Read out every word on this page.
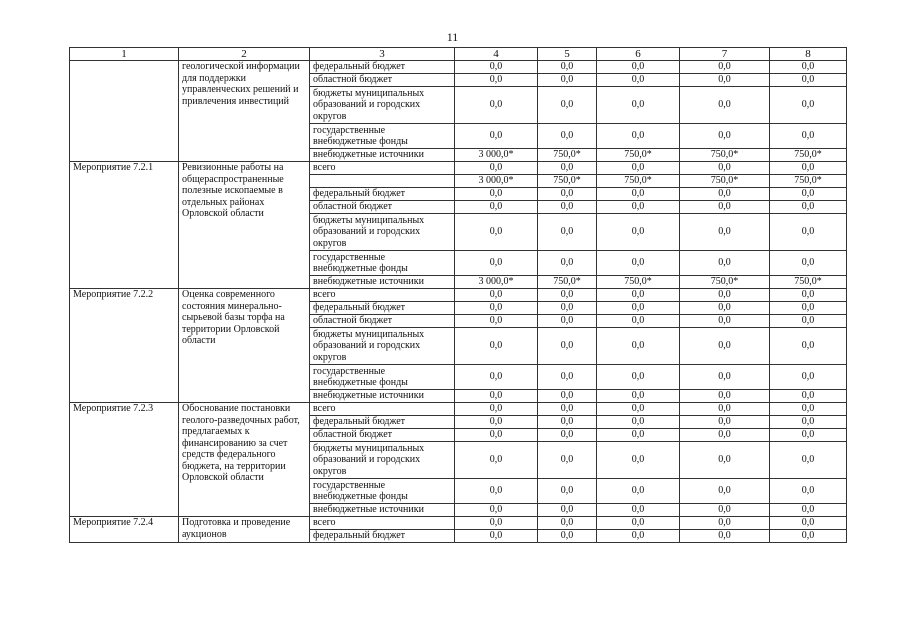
11
1	2	3	4	5	6	7	8
	геологической информации для поддержки управленческих решений и привлечения инвестиций	федеральный бюджет	0,0	0,0	0,0	0,0	0,0
		областной бюджет	0,0	0,0	0,0	0,0	0,0
		бюджеты муниципальных образований и городских округов	0,0	0,0	0,0	0,0	0,0
		государственные внебюджетные фонды	0,0	0,0	0,0	0,0	0,0
		внебюджетные источники	3 000,0*	750,0*	750,0*	750,0*	750,0*
Мероприятие 7.2.1	Ревизионные работы на общераспространенные полезные ископаемые в отдельных районах Орловской области	всего	0,0	0,0	0,0	0,0	0,0
			3 000,0*	750,0*	750,0*	750,0*	750,0*
		федеральный бюджет	0,0	0,0	0,0	0,0	0,0
		областной бюджет	0,0	0,0	0,0	0,0	0,0
		бюджеты муниципальных образований и городских округов	0,0	0,0	0,0	0,0	0,0
		государственные внебюджетные фонды	0,0	0,0	0,0	0,0	0,0
		внебюджетные источники	3 000,0*	750,0*	750,0*	750,0*	750,0*
Мероприятие 7.2.2	Оценка современного состояния минерально-сырьевой базы торфа на территории Орловской области	всего	0,0	0,0	0,0	0,0	0,0
		федеральный бюджет	0,0	0,0	0,0	0,0	0,0
		областной бюджет	0,0	0,0	0,0	0,0	0,0
		бюджеты муниципальных образований и городских округов	0,0	0,0	0,0	0,0	0,0
		государственные внебюджетные фонды	0,0	0,0	0,0	0,0	0,0
		внебюджетные источники	0,0	0,0	0,0	0,0	0,0
Мероприятие 7.2.3	Обоснование постановки геолого-разведочных работ, предлагаемых к финансированию за счет средств федерального бюджета, на территории Орловской области	всего	0,0	0,0	0,0	0,0	0,0
		федеральный бюджет	0,0	0,0	0,0	0,0	0,0
		областной бюджет	0,0	0,0	0,0	0,0	0,0
		бюджеты муниципальных образований и городских округов	0,0	0,0	0,0	0,0	0,0
		государственные внебюджетные фонды	0,0	0,0	0,0	0,0	0,0
		внебюджетные источники	0,0	0,0	0,0	0,0	0,0
Мероприятие 7.2.4	Подготовка и проведение аукционов	всего	0,0	0,0	0,0	0,0	0,0
		федеральный бюджет	0,0	0,0	0,0	0,0	0,0
